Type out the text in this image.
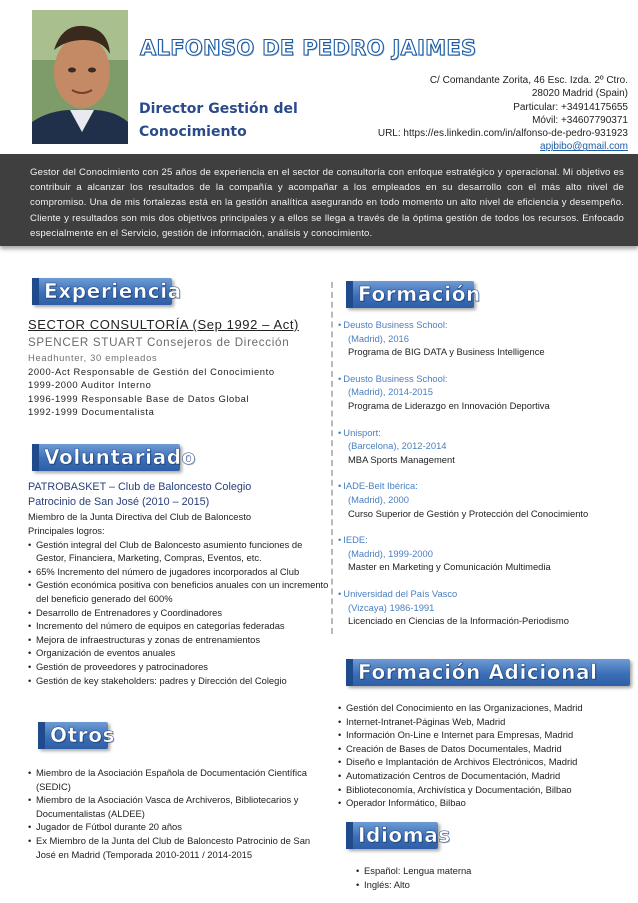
ALFONSO DE PEDRO JAIMES
Director Gestión del
Conocimiento
C/ Comandante Zorita, 46 Esc. Izda. 2º Ctro.
28020 Madrid (Spain)
Particular: +34914175655
Móvil: +34607790371
URL: https://es.linkedin.com/in/alfonso-de-pedro-931923
apjbibo@gmail.com

Gestor del Conocimiento con 25 años de experiencia en el sector de consultoría con enfoque estratégico y operacional. Mi objetivo es contribuir a alcanzar los resultados de la compañía y acompañar a los empleados en su desarrollo con el más alto nivel de compromiso. Una de mis fortalezas está en la gestión analítica asegurando en todo momento un alto nivel de eficiencia y desempeño. Cliente y resultados son mis dos objetivos principales y a ellos se llega a través de la óptima gestión de todos los recursos. Enfocado especialmente en el Servicio, gestión de información, análisis y conocimiento.

Experiencia
SECTOR CONSULTORÍA (Sep 1992 – Act)
SPENCER STUART Consejeros de Dirección
Headhunter, 30 empleados
2000-Act Responsable de Gestión del Conocimiento
1999-2000 Auditor Interno
1996-1999 Responsable Base de Datos Global
1992-1999 Documentalista
Voluntariado
PATROBASKET – Club de Baloncesto Colegio
Patrocinio de San José (2010 – 2015)
Miembro de la Junta Directiva del Club de Baloncesto
Principales logros:
• Gestión integral del Club de Baloncesto asumiento funciones de Gestor, Financiera, Marketing, Compras, Eventos, etc.
• 65% Incremento del número de jugadores incorporados al Club
• Gestión económica positiva con beneficios anuales con un incremento del beneficio generado del 600%
• Desarrollo de Entrenadores y Coordinadores
• Incremento del número de equipos en categorías federadas
• Mejora de infraestructuras y zonas de entrenamientos
• Organización de eventos anuales
• Gestión de proveedores y patrocinadores
• Gestión de key stakeholders: padres y Dirección del Colegio
Otros
• Miembro de la Asociación Española de Documentación Científica (SEDIC)
• Miembro de la Asociación Vasca de Archiveros, Bibliotecarios y Documentalistas (ALDEE)
• Jugador de Fútbol durante 20 años
• Ex Miembro de la Junta del Club de Baloncesto Patrocinio de San José en Madrid (Temporada 2010-2011 / 2014-2015
Formación
• Deusto Business School:
(Madrid), 2016
Programa de BIG DATA y Business Intelligence
• Deusto Business School:
(Madrid), 2014-2015
Programa de Liderazgo en Innovación Deportiva
• Unisport:
(Barcelona), 2012-2014
MBA Sports Management
• IADE-Belt Ibérica:
(Madrid), 2000
Curso Superior de Gestión y Protección del Conocimiento
• IEDE:
(Madrid), 1999-2000
Master en Marketing y Comunicación Multimedia
• Universidad del País Vasco
(Vizcaya) 1986-1991
Licenciado en Ciencias de la Información-Periodismo
Formación Adicional
• Gestión del Conocimiento en las Organizaciones, Madrid
• Internet-Intranet-Páginas Web, Madrid
• Información On-Line e Internet para Empresas, Madrid
• Creación de Bases de Datos Documentales, Madrid
• Diseño e Implantación de Archivos Electrónicos, Madrid
• Automatización Centros de Documentación, Madrid
• Biblioteconomía, Archivística y Documentación, Bilbao
• Operador Informático, Bilbao
Idiomas
• Español: Lengua materna
• Inglés: Alto
